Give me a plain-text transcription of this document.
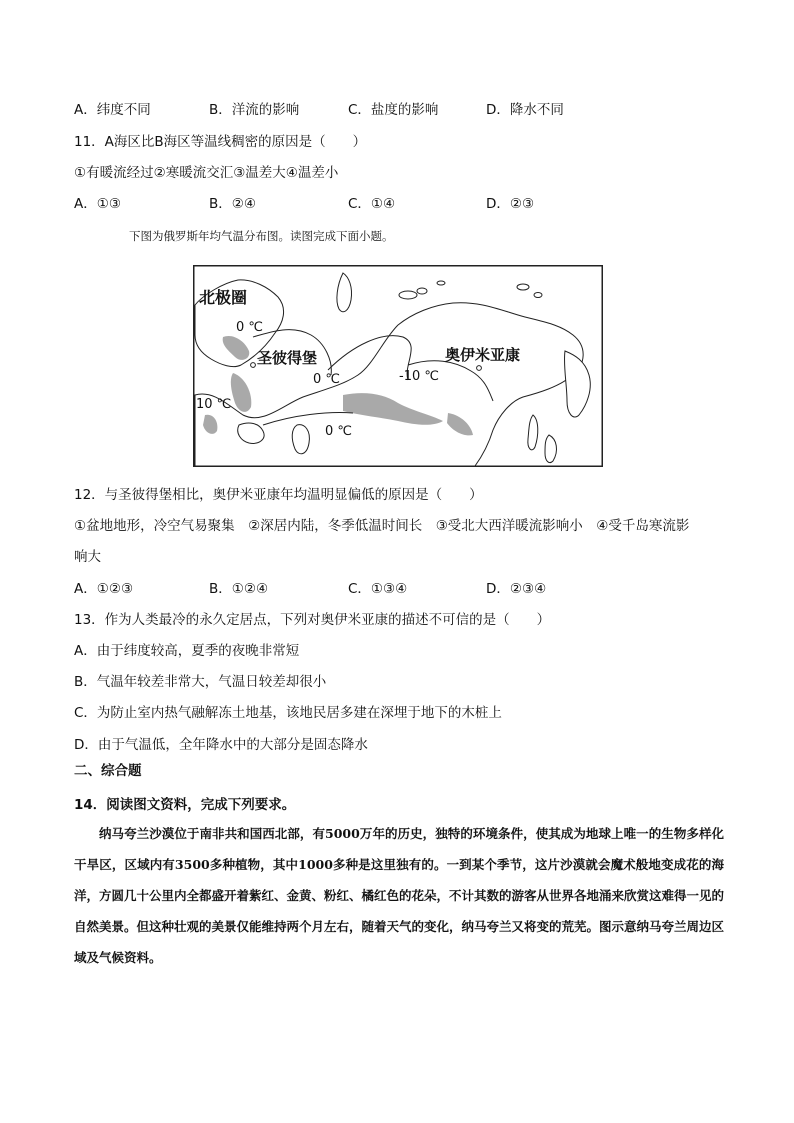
A．纬度不同	B．洋流的影响	C．盐度的影响	D．降水不同
11．A海区比B海区等温线稠密的原因是（　　）
①有暖流经过②寒暖流交汇③温差大④温差小
A．①③	B．②④	C．①④	D．②③
下图为俄罗斯年均气温分布图。读图完成下面小题。
北极圈
0 ℃
圣彼得堡	奥伊米亚康
0 ℃	-10 ℃
10 ℃
0 ℃
12．与圣彼得堡相比，奥伊米亚康年均温明显偏低的原因是（　　）
①盆地地形，冷空气易聚集　②深居内陆，冬季低温时间长　③受北大西洋暖流影响小　④受千岛寒流影
响大
A．①②③	B．①②④	C．①③④	D．②③④
13．作为人类最冷的永久定居点，下列对奥伊米亚康的描述不可信的是（　　）
A．由于纬度较高，夏季的夜晚非常短
B．气温年较差非常大，气温日较差却很小
C．为防止室内热气融解冻土地基，该地民居多建在深埋于地下的木桩上
D．由于气温低，全年降水中的大部分是固态降水
二、综合题
14．阅读图文资料，完成下列要求。

纳马夸兰沙漠位于南非共和国西北部，有5000万年的历史，独特的环境条件，使其成为地球上唯一的生物多样化干旱区，区域内有3500多种植物，其中1000多种是这里独有的。一到某个季节，这片沙漠就会魔术般地变成花的海洋，方圆几十公里内全都盛开着紫红、金黄、粉红、橘红色的花朵，不计其数的游客从世界各地涌来欣赏这难得一见的自然美景。但这种壮观的美景仅能维持两个月左右，随着天气的变化，纳马夸兰又将变的荒芜。图示意纳马夸兰周边区域及气候资料。
